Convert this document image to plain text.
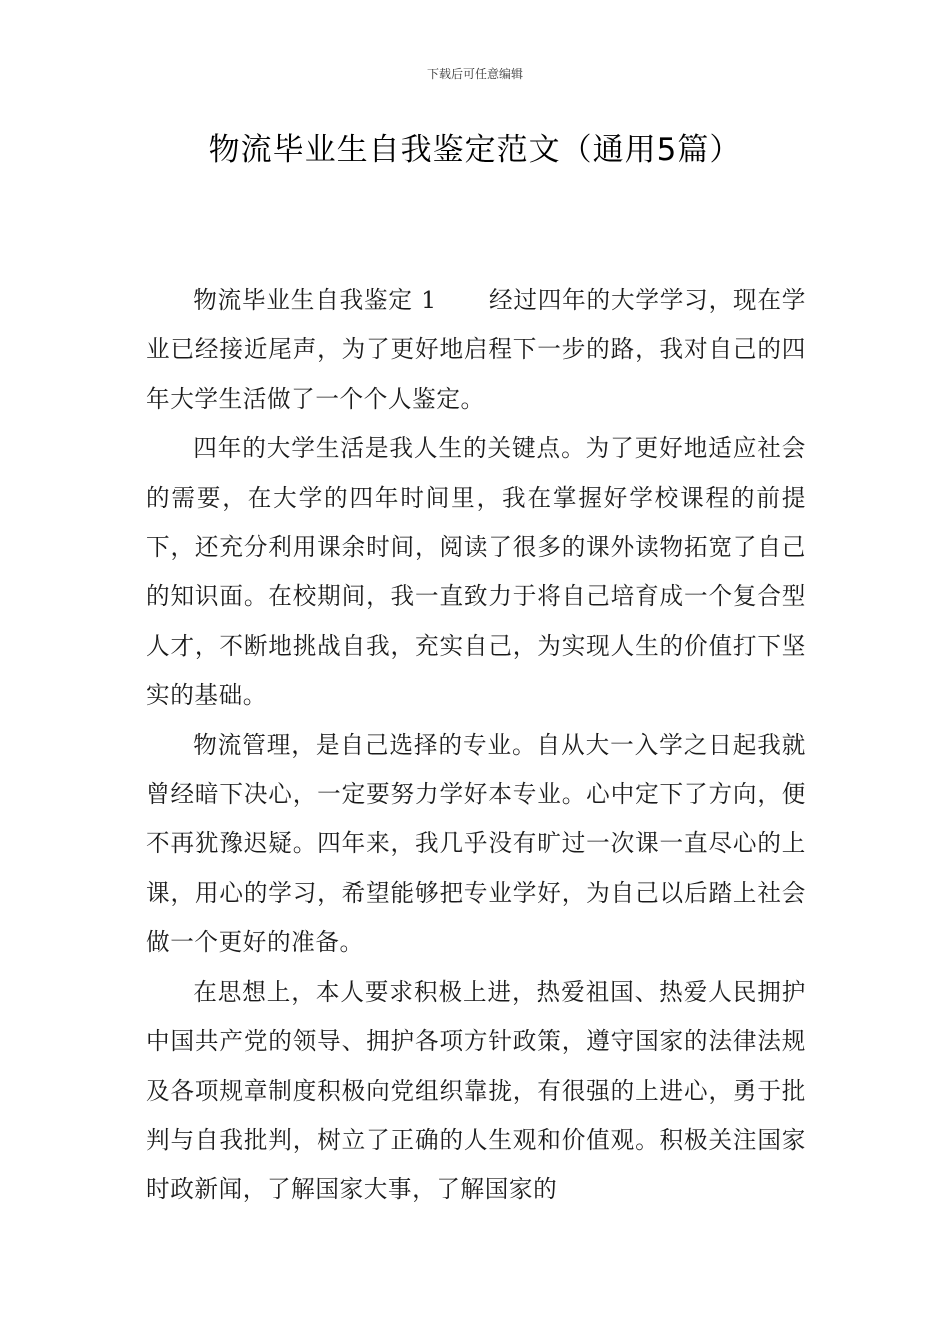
下载后可任意编辑
物流毕业生自我鉴定范文（通用5篇）

物流毕业生自我鉴定 1 经过四年的大学学习，现在学业已经接近尾声，为了更好地启程下一步的路，我对自己的四年大学生活做了一个个人鉴定。

四年的大学生活是我人生的关键点。为了更好地适应社会的需要，在大学的四年时间里，我在掌握好学校课程的前提下，还充分利用课余时间，阅读了很多的课外读物拓宽了自己的知识面。在校期间，我一直致力于将自己培育成一个复合型人才，不断地挑战自我，充实自己，为实现人生的价值打下坚实的基础。

物流管理，是自己选择的专业。自从大一入学之日起我就曾经暗下决心，一定要努力学好本专业。心中定下了方向，便不再犹豫迟疑。四年来，我几乎没有旷过一次课一直尽心的上课，用心的学习，希望能够把专业学好，为自己以后踏上社会做一个更好的准备。

在思想上，本人要求积极上进，热爱祖国、热爱人民拥护中国共产党的领导、拥护各项方针政策，遵守国家的法律法规及各项规章制度积极向党组织靠拢，有很强的上进心，勇于批判与自我批判，树立了正确的人生观和价值观。积极关注国家时政新闻，了解国家大事，了解国家的
